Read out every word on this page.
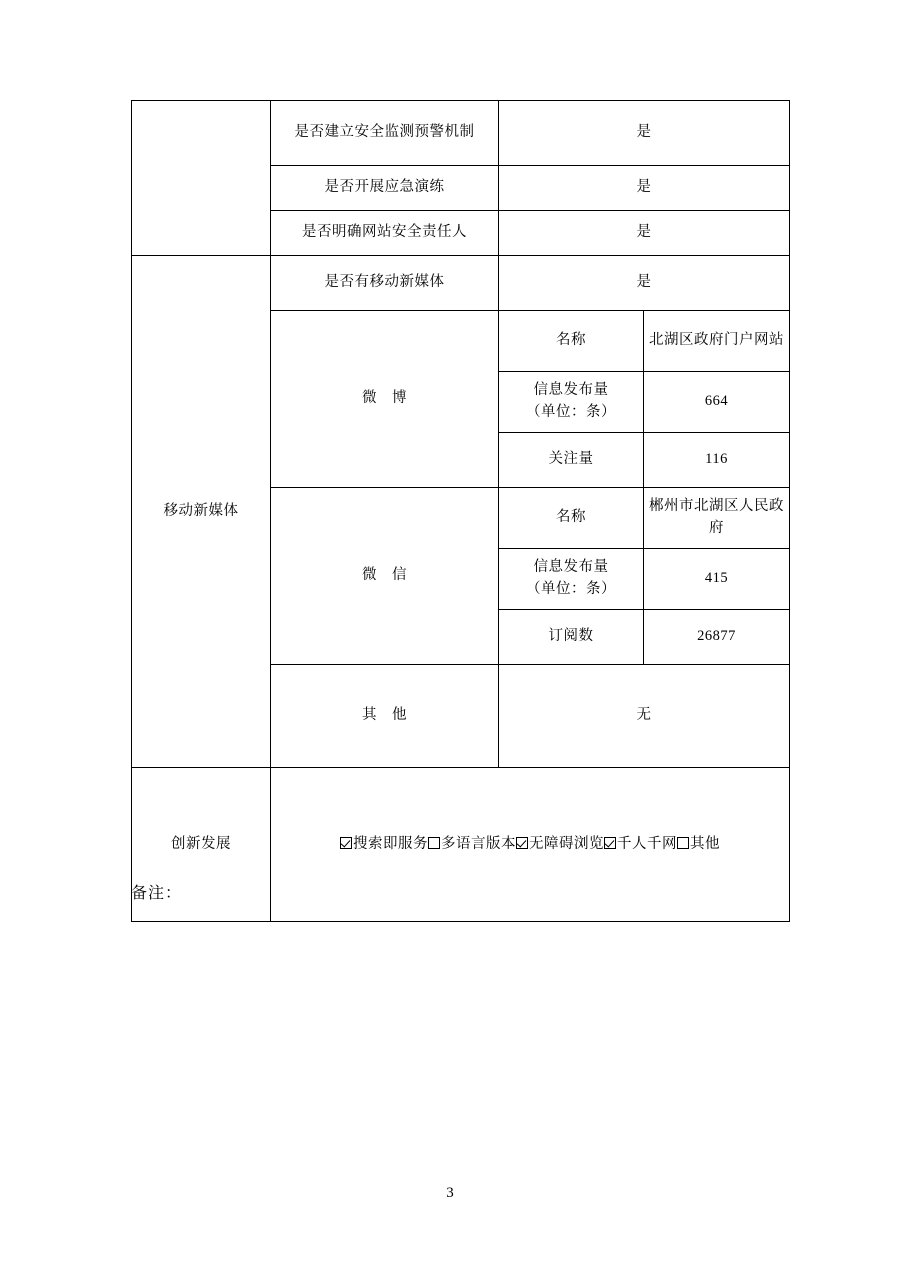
	是否建立安全监测预警机制	是	
	是否开展应急演练	是	
	是否明确网站安全责任人	是	
移动新媒体	是否有移动新媒体	是	
	微　博	名称	北湖区政府门户网站

		信息发布量
（单位：条）	664
		关注量	116
	微　信	名称	郴州市北湖区人民政府

		信息发布量
（单位：条）	415
		订阅数	26877
	其　他	无	
创新发展	搜索即服务 多语言版本 无障碍浏览 千人千网 其他		
备注：
3
